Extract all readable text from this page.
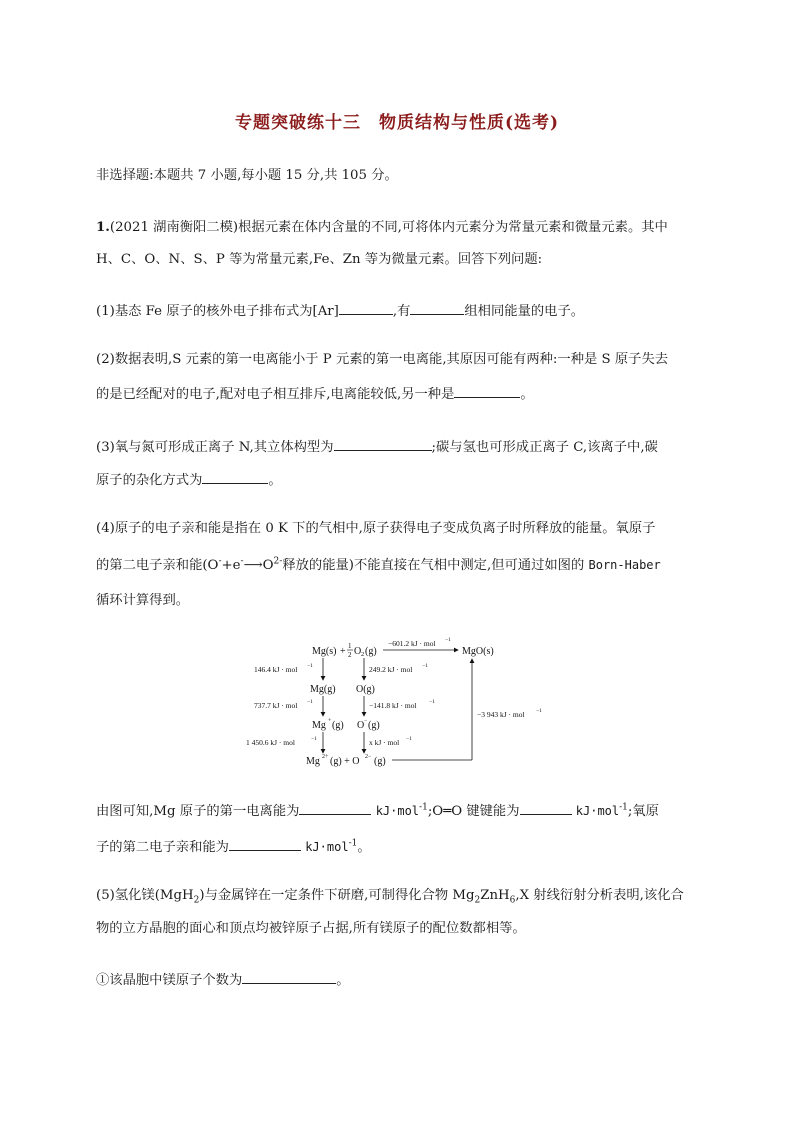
专题突破练十三　物质结构与性质(选考)
非选择题:本题共 7 小题,每小题 15 分,共 105 分。
1.(2021 湖南衡阳二模)根据元素在体内含量的不同,可将体内元素分为常量元素和微量元素。其中
H、C、O、N、S、P 等为常量元素,Fe、Zn 等为微量元素。回答下列问题:
(1)基态 Fe 原子的核外电子排布式为[Ar]	,有	组相同能量的电子。
(2)数据表明,S 元素的第一电离能小于 P 元素的第一电离能,其原因可能有两种:一种是 S 原子失去
的是已经配对的电子,配对电子相互排斥,电离能较低,另一种是	。
(3)氧与氮可形成正离子 N,其立体构型为	;碳与氢也可形成正离子 C,该离子中,碳
原子的杂化方式为	。
(4)原子的电子亲和能是指在 0 K 下的气相中,原子获得电子变成负离子时所释放的能量。氧原子
的第二电子亲和能($O^-+e^-⟶O^{2-}$释放的能量)不能直接在气相中测定,但可通过如图的 Born-Haber
循环计算得到。
Mg(s) + 1
2 O 2 (g)
−601.2 kJ · mol −1
MgO(s)
146.4 kJ · mol −1
Mg(g)
737.7 kJ · mol −1
Mg + (g)
1 450.6 kJ · mol	−1
249.2 kJ · mol −1
O(g)
−141.8 kJ · mol −1
O − (g)
x kJ · mol −1
Mg 2+ (g) + O 2− (g)
−3 943 kJ · mol −1
由图可知,Mg 原子的第一电离能为	kJ·mol$^{-1}$;O═O 键键能为	kJ·mol$^{-1}$;氧原
子的第二电子亲和能为	kJ·mol$^{-1}$。
(5)氢化镁(MgH$_2$)与金属锌在一定条件下研磨,可制得化合物 $Mg_2ZnH_6,X$ 射线衍射分析表明,该化合
物的立方晶胞的面心和顶点均被锌原子占据,所有镁原子的配位数都相等。
①该晶胞中镁原子个数为	。
